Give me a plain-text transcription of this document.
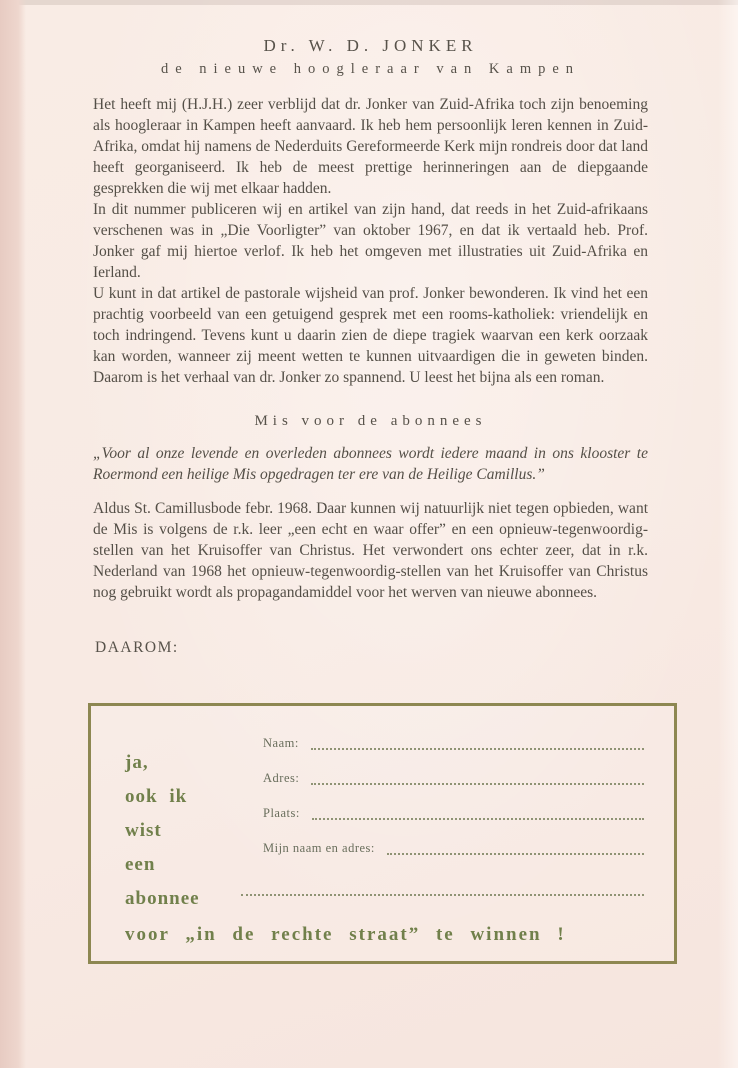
Dr. W. D. JONKER
de nieuwe hoogleraar van Kampen

Het heeft mij (H.J.H.) zeer verblijd dat dr. Jonker van Zuid-Afrika toch zijn benoeming als hoogleraar in Kampen heeft aanvaard. Ik heb hem persoonlijk leren kennen in Zuid-Afrika, omdat hij namens de Nederduits Gereformeerde Kerk mijn rondreis door dat land heeft georganiseerd. Ik heb de meest prettige herinneringen aan de diepgaande gesprekken die wij met elkaar hadden.

In dit nummer publiceren wij en artikel van zijn hand, dat reeds in het Zuid-afrikaans verschenen was in „Die Voorligter” van oktober 1967, en dat ik vertaald heb. Prof. Jonker gaf mij hiertoe verlof. Ik heb het omgeven met illustraties uit Zuid-Afrika en Ierland.

U kunt in dat artikel de pastorale wijsheid van prof. Jonker bewonderen. Ik vind het een prachtig voorbeeld van een getuigend gesprek met een rooms-katholiek: vriendelijk en toch indringend. Tevens kunt u daarin zien de diepe tragiek waarvan een kerk oorzaak kan worden, wanneer zij meent wetten te kunnen uitvaardigen die in geweten binden. Daarom is het verhaal van dr. Jonker zo spannend. U leest het bijna als een roman.

Mis voor de abonnees

„Voor al onze levende en overleden abonnees wordt iedere maand in ons klooster te Roermond een heilige Mis opgedragen ter ere van de Heilige Camillus.”

Aldus St. Camillusbode febr. 1968. Daar kunnen wij natuurlijk niet tegen opbieden, want de Mis is volgens de r.k. leer „een echt en waar offer” en een opnieuw-tegenwoordig-stellen van het Kruisoffer van Christus. Het verwondert ons echter zeer, dat in r.k. Nederland van 1968 het opnieuw-tegenwoordig-stellen van het Kruisoffer van Christus nog gebruikt wordt als propagandamiddel voor het werven van nieuwe abonnees.

DAAROM:
ja,
ook ik
wist
een
abonnee
Naam:
Adres:
Plaats:
Mijn naam en adres:
voor „in de rechte straat” te winnen !
